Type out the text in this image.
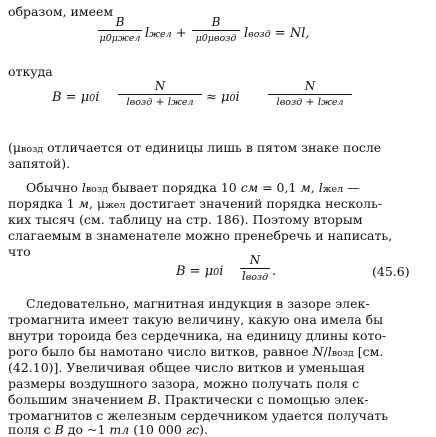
образом, имеем
B
μ0μжел lжел +
B
μ0μвозд lвозд = Nl,
откуда
B = μ0i
N
lвозд + lжел ≈ μ0i
N
lвозд + lжел
(μвозд отличается от единицы лишь в пятом знаке после
запятой).
Обычно lвозд бывает порядка 10 см = 0,1 м, lжел —
порядка 1 м, μжел достигает значений порядка несколь-
ких тысяч (см. таблицу на стр. 186). Поэтому вторым
слагаемым в знаменателе можно пренебречь и написать,
что
B = μ0i
N
lвозд .	(45.6)
Следовательно, магнитная индукция в зазоре элек-
тромагнита имеет такую величину, какую она имела бы
внутри тороида без сердечника, на единицу длины кото-
рого было бы намотано число витков, равное N/lвозд [см.
(42.10)]. Увеличивая общее число витков и уменьшая
размеры воздушного зазора, можно получать поля с
большим значением B. Практически с помощью элек-
тромагнитов с железным сердечником удается получать
поля с B до ~1 тл (10 000 гс).
